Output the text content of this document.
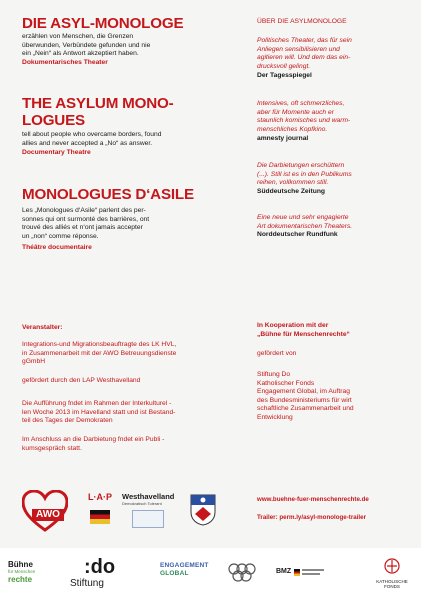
DIE ASYL-MONOLOGE
erzählen von Menschen, die Grenzen
überwunden, Verbündete gefunden und nie
ein „Nein“ als Antwort akzeptiert haben.
Dokumentarisches Theater
THE ASYLUM MONO-
LOGUES
tell about people who overcame borders, found
allies and never accepted a „No“ as answer.
Documentary Theatre
MONOLOGUES D‘ASILE
Les „Monologues d‘Asile“ parlent des per-
sonnes qui ont surmonté des barrières, ont
trouvé des alliés et n‘ont jamais accepter
un „non“ comme réponse.
Théâtre documentaire
ÜBER DIE ASYLMONOLOGE
Politisches Theater, das für sein
Anliegen sensibilisieren und
agitieren will. Und dem das ein-
drucksvoll gelingt.
Der Tagesspiegel
Intensives, oft schmerzliches,
aber für Momente auch er
staunlich komisches und warm-
menschliches Kopfkino.
amnesty journal
Die Darbietungen erschüttern
(...). Still ist es in den Publikums
reihen, vollkommen still.
Süddeutsche Zeitung
Eine neue und sehr engagierte
Art dokumentarischen Theaters.
Norddeutscher Rundfunk
Veranstalter:
Integrations-und Migrationsbeauftragte des LK HVL,
in Zusammenarbeit mit der AWO Betreuungsdienste
gGmbH
gefördert durch den LAP Westhavelland
Die Aufführung fndet im Rahmen der Interkulturel -
len Woche 2013 im Havelland statt und ist Bestand-
teil des Tages der Demokraten
Im Anschluss an die Darbietung fndet ein Publi -
kumsgespräch statt.
In Kooperation mit der
„Bühne für Menschenrechte“
gefördert von
Stiftung Do
Katholischer Fonds
Engagement Global, im Auftrag
des Bundesministeriums für wirt
schaftliche Zusammenarbeit und
Entwicklung
www.buehne-fuer-menschenrechte.de
Trailer: perm.ly/asyl-monologe-trailer
AWO
L·A·P Westhavelland
Demokratisch Tolerant
Bühne
für Menschen
rechte
:do
Stiftung
ENGAGEMENT
GLOBAL	BMZ
KATHOLISCHE
FONDS
